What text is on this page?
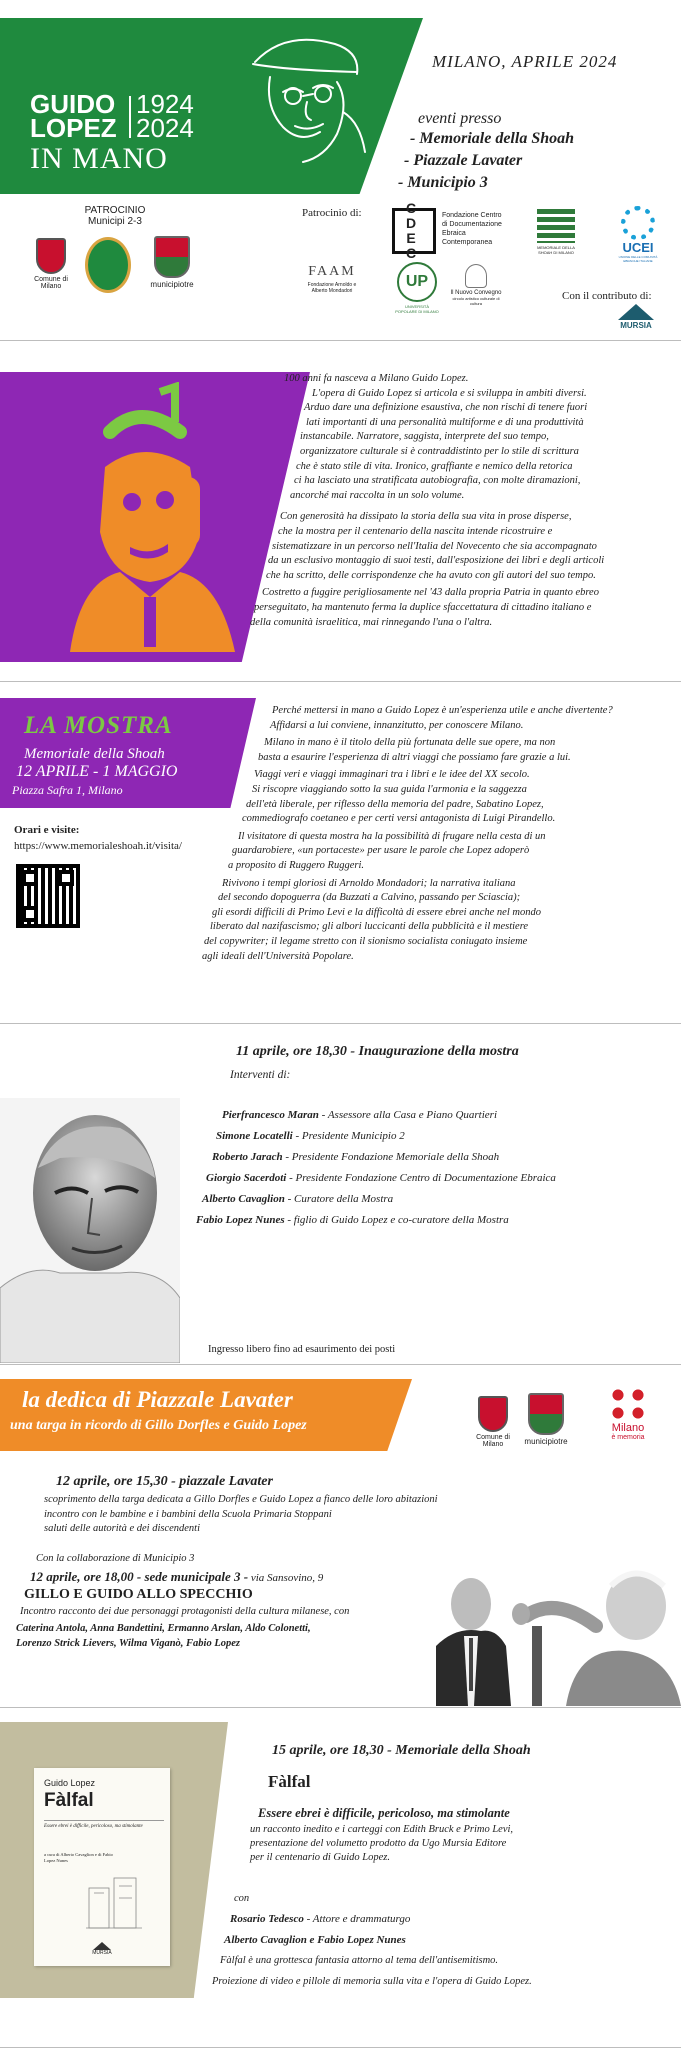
GUIDO
LOPEZ
1924
2024
IN MANO
MILANO, APRILE 2024
eventi presso
- Memoriale della Shoah
- Piazzale Lavater
- Municipio 3
PATROCINIO
Municipi 2-3
Comune di Milano	municipiotre
Patrocinio di:	CDEC
Fondazione Centro di Documentazione Ebraica Contemporanea
MEMORIALE DELLA SHOAH DI MILANO	UCEI
UNIONE DELLE COMUNITÀ EBRAICHE ITALIANE
FAAM
Fondazione Arnoldo e Alberto Mondadori
UP
UNIVERSITÀ POPOLARE DI MILANO
Il Nuovo Convegno
circolo artistico culturale di cultura
Con il contributo di:
MURSIA

100 anni fa nasceva a Milano Guido Lopez.

L'opera di Guido Lopez si articola e si sviluppa in ambiti diversi.

Arduo dare una definizione esaustiva, che non rischi di tenere fuori

lati importanti di una personalità multiforme e di una produttività

instancabile. Narratore, saggista, interprete del suo tempo,

organizzatore culturale si è contraddistinto per lo stile di scrittura

che è stato stile di vita. Ironico, graffiante e nemico della retorica

ci ha lasciato una stratificata autobiografia, con molte diramazioni,

ancorché mai raccolta in un solo volume.

Con generosità ha dissipato la storia della sua vita in prose disperse,

che la mostra per il centenario della nascita intende ricostruire e

sistematizzare in un percorso nell'Italia del Novecento che sia accompagnato

da un esclusivo montaggio di suoi testi, dall'esposizione dei libri e degli articoli

che ha scritto, delle corrispondenze che ha avuto con gli autori del suo tempo.

Costretto a fuggire perigliosamente nel '43 dalla propria Patria in quanto ebreo

perseguitato, ha mantenuto ferma la duplice sfaccettatura di cittadino italiano e

della comunità israelitica, mai rinnegando l'una o l'altra.

LA MOSTRA
Memoriale della Shoah
12 APRILE - 1 MAGGIO
Piazza Safra 1, Milano
Orari e visite:
https://www.memorialeshoah.it/visita/

Perché mettersi in mano a Guido Lopez è un'esperienza utile e anche divertente?

Affidarsi a lui conviene, innanzitutto, per conoscere Milano.

Milano in mano è il titolo della più fortunata delle sue opere, ma non

basta a esaurire l'esperienza di altri viaggi che possiamo fare grazie a lui.

Viaggi veri e viaggi immaginari tra i libri e le idee del XX secolo.

Si riscopre viaggiando sotto la sua guida l'armonia e la saggezza

dell'età liberale, per riflesso della memoria del padre, Sabatino Lopez,

commediografo coetaneo e per certi versi antagonista di Luigi Pirandello.

Il visitatore di questa mostra ha la possibilità di frugare nella cesta di un

guardarobiere, «un portaceste» per usare le parole che Lopez adoperò

a proposito di Ruggero Ruggeri.

Rivivono i tempi gloriosi di Arnoldo Mondadori; la narrativa italiana

del secondo dopoguerra (da Buzzati a Calvino, passando per Sciascia);

gli esordi difficili di Primo Levi e la difficoltà di essere ebrei anche nel mondo

liberato dal nazifascismo; gli albori luccicanti della pubblicità e il mestiere

del copywriter; il legame stretto con il sionismo socialista coniugato insieme

agli ideali dell'Università Popolare.

11 aprile, ore 18,30 - Inaugurazione della mostra
Interventi di:
Pierfrancesco Maran - Assessore alla Casa e Piano Quartieri
Simone Locatelli - Presidente Municipio 2
Roberto Jarach - Presidente Fondazione Memoriale della Shoah
Giorgio Sacerdoti - Presidente Fondazione Centro di Documentazione Ebraica
Alberto Cavaglion - Curatore della Mostra
Fabio Lopez Nunes - figlio di Guido Lopez e co-curatore della Mostra
Ingresso libero fino ad esaurimento dei posti
la dedica di Piazzale Lavater
una targa in ricordo di Gillo Dorfles e Guido Lopez
Comune di Milano	municipiotre
Milano
è memoria
12 aprile, ore 15,30 - piazzale Lavater

scoprimento della targa dedicata a Gillo Dorfles e Guido Lopez a fianco delle loro abitazioni

incontro con le bambine e i bambini della Scuola Primaria Stoppani

saluti delle autorità e dei discendenti

Con la collaborazione di Municipio 3
12 aprile, ore 18,00 - sede municipale 3 - via Sansovino, 9
GILLO E GUIDO ALLO SPECCHIO
Incontro racconto dei due personaggi protagonisti della cultura milanese, con

Caterina Antola, Anna Bandettini, Ermanno Arslan, Aldo Colonetti,

Lorenzo Strick Lievers, Wilma Viganò, Fabio Lopez

Guido Lopez
Fàlfal
Essere ebrei è difficile, pericoloso, ma stimolante
a cura di Alberto Cavaglion e di Fabio Lopez Nunes
MURSIA
15 aprile, ore 18,30 - Memoriale della Shoah
Fàlfal
Essere ebrei è difficile, pericoloso, ma stimolante

un racconto inedito e i carteggi con Edith Bruck e Primo Levi,

presentazione del volumetto prodotto da Ugo Mursia Editore

per il centenario di Guido Lopez.

con
Rosario Tedesco - Attore e drammaturgo
Alberto Cavaglion e Fabio Lopez Nunes
Fàlfal è una grottesca fantasia attorno al tema dell'antisemitismo.
Proiezione di video e pillole di memoria sulla vita e l'opera di Guido Lopez.
